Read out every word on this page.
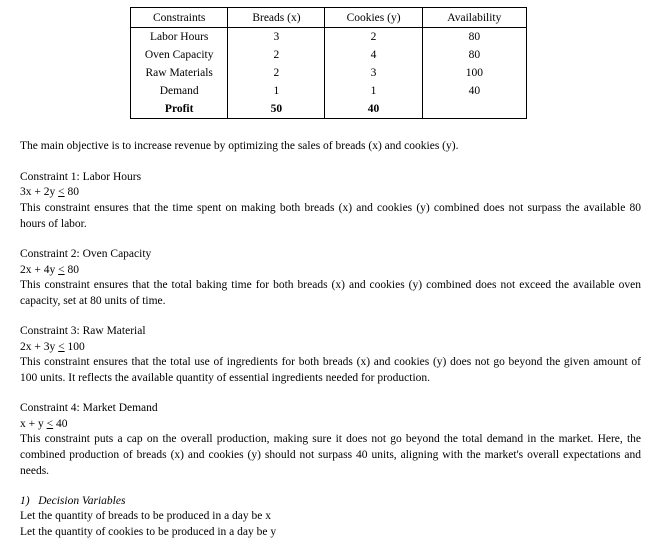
Constraints	Breads (x)	Cookies (y)	Availability
Labor Hours	3	2	80
Oven Capacity	2	4	80
Raw Materials	2	3	100
Demand	1	1	40
Profit	50	40	
The main objective is to increase revenue by optimizing the sales of breads (x) and cookies (y).
Constraint 1: Labor Hours
3x + 2y ≤ 80
This constraint ensures that the time spent on making both breads (x) and cookies (y) combined does not surpass the available 80 hours of labor.
Constraint 2: Oven Capacity
2x + 4y ≤ 80
This constraint ensures that the total baking time for both breads (x) and cookies (y) combined does not exceed the available oven capacity, set at 80 units of time.
Constraint 3: Raw Material
2x + 3y ≤ 100
This constraint ensures that the total use of ingredients for both breads (x) and cookies (y) does not go beyond the given amount of 100 units. It reflects the available quantity of essential ingredients needed for production.
Constraint 4: Market Demand
x + y ≤ 40
This constraint puts a cap on the overall production, making sure it does not go beyond the total demand in the market. Here, the combined production of breads (x) and cookies (y) should not surpass 40 units, aligning with the market's overall expectations and needs.
1) Decision Variables
Let the quantity of breads to be produced in a day be x
Let the quantity of cookies to be produced in a day be y
